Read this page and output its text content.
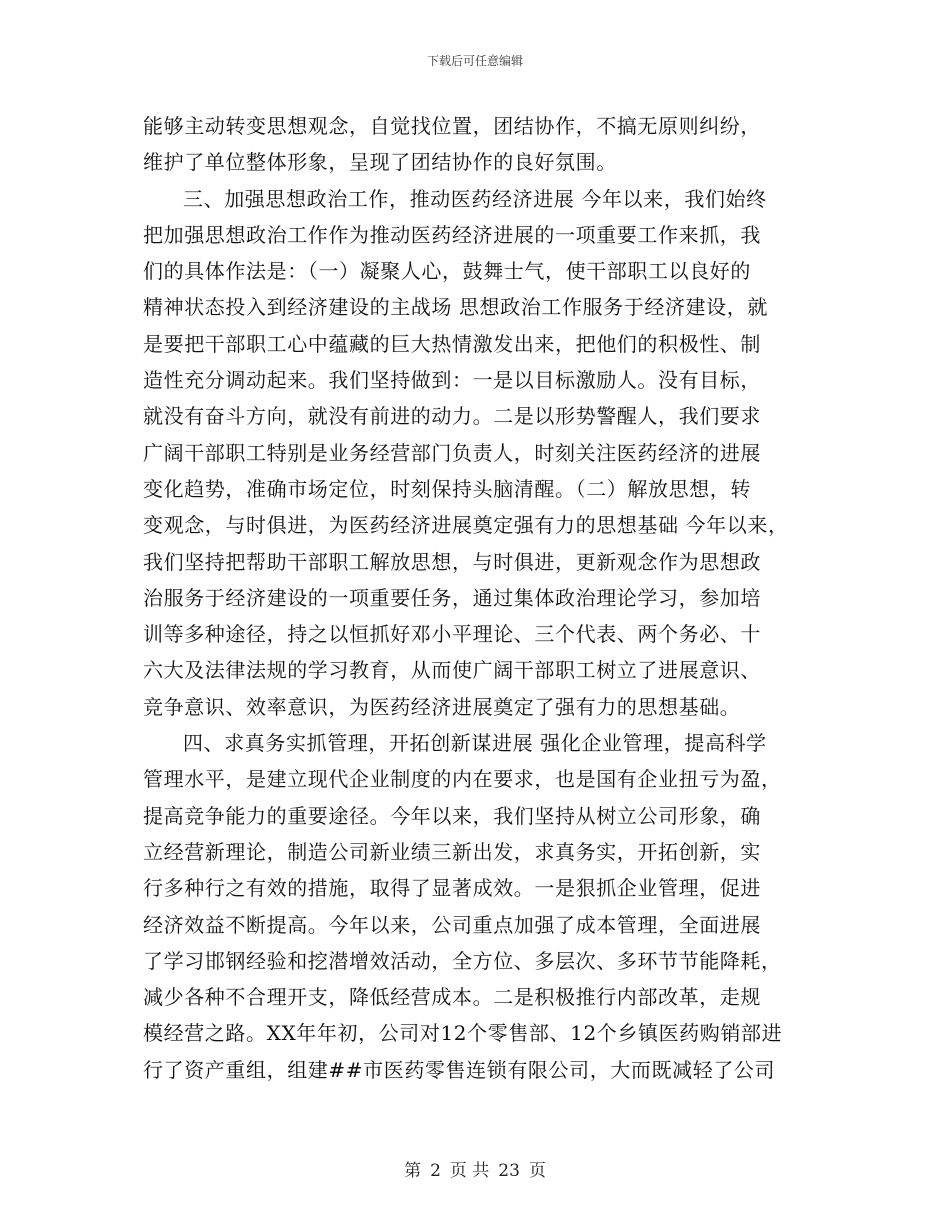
下载后可任意编辑
能够主动转变思想观念，自觉找位置，团结协作，不搞无原则纠纷，
维护了单位整体形象，呈现了团结协作的良好氛围。
三、加强思想政治工作，推动医药经济进展 今年以来，我们始终
把加强思想政治工作作为推动医药经济进展的一项重要工作来抓，我
们的具体作法是：（一）凝聚人心，鼓舞士气，使干部职工以良好的
精神状态投入到经济建设的主战场 思想政治工作服务于经济建设，就
是要把干部职工心中蕴藏的巨大热情激发出来，把他们的积极性、制
造性充分调动起来。我们坚持做到：一是以目标激励人。没有目标，
就没有奋斗方向，就没有前进的动力。二是以形势警醒人，我们要求
广阔干部职工特别是业务经营部门负责人，时刻关注医药经济的进展
变化趋势，准确市场定位，时刻保持头脑清醒。（二）解放思想，转
变观念，与时俱进，为医药经济进展奠定强有力的思想基础 今年以来，
我们坚持把帮助干部职工解放思想，与时俱进，更新观念作为思想政
治服务于经济建设的一项重要任务，通过集体政治理论学习，参加培
训等多种途径，持之以恒抓好邓小平理论、三个代表、两个务必、十
六大及法律法规的学习教育，从而使广阔干部职工树立了进展意识、
竞争意识、效率意识，为医药经济进展奠定了强有力的思想基础。
四、求真务实抓管理，开拓创新谋进展 强化企业管理，提高科学
管理水平，是建立现代企业制度的内在要求，也是国有企业扭亏为盈，
提高竞争能力的重要途径。今年以来，我们坚持从树立公司形象，确
立经营新理论，制造公司新业绩三新出发，求真务实，开拓创新，实
行多种行之有效的措施，取得了显著成效。一是狠抓企业管理，促进
经济效益不断提高。今年以来，公司重点加强了成本管理，全面进展
了学习邯钢经验和挖潜增效活动，全方位、多层次、多环节节能降耗，
减少各种不合理开支，降低经营成本。二是积极推行内部改革，走规
模经营之路。XX年年初，公司对12个零售部、12个乡镇医药购销部进
行了资产重组，组建##市医药零售连锁有限公司，大而既减轻了公司
第 2 页 共 23 页
